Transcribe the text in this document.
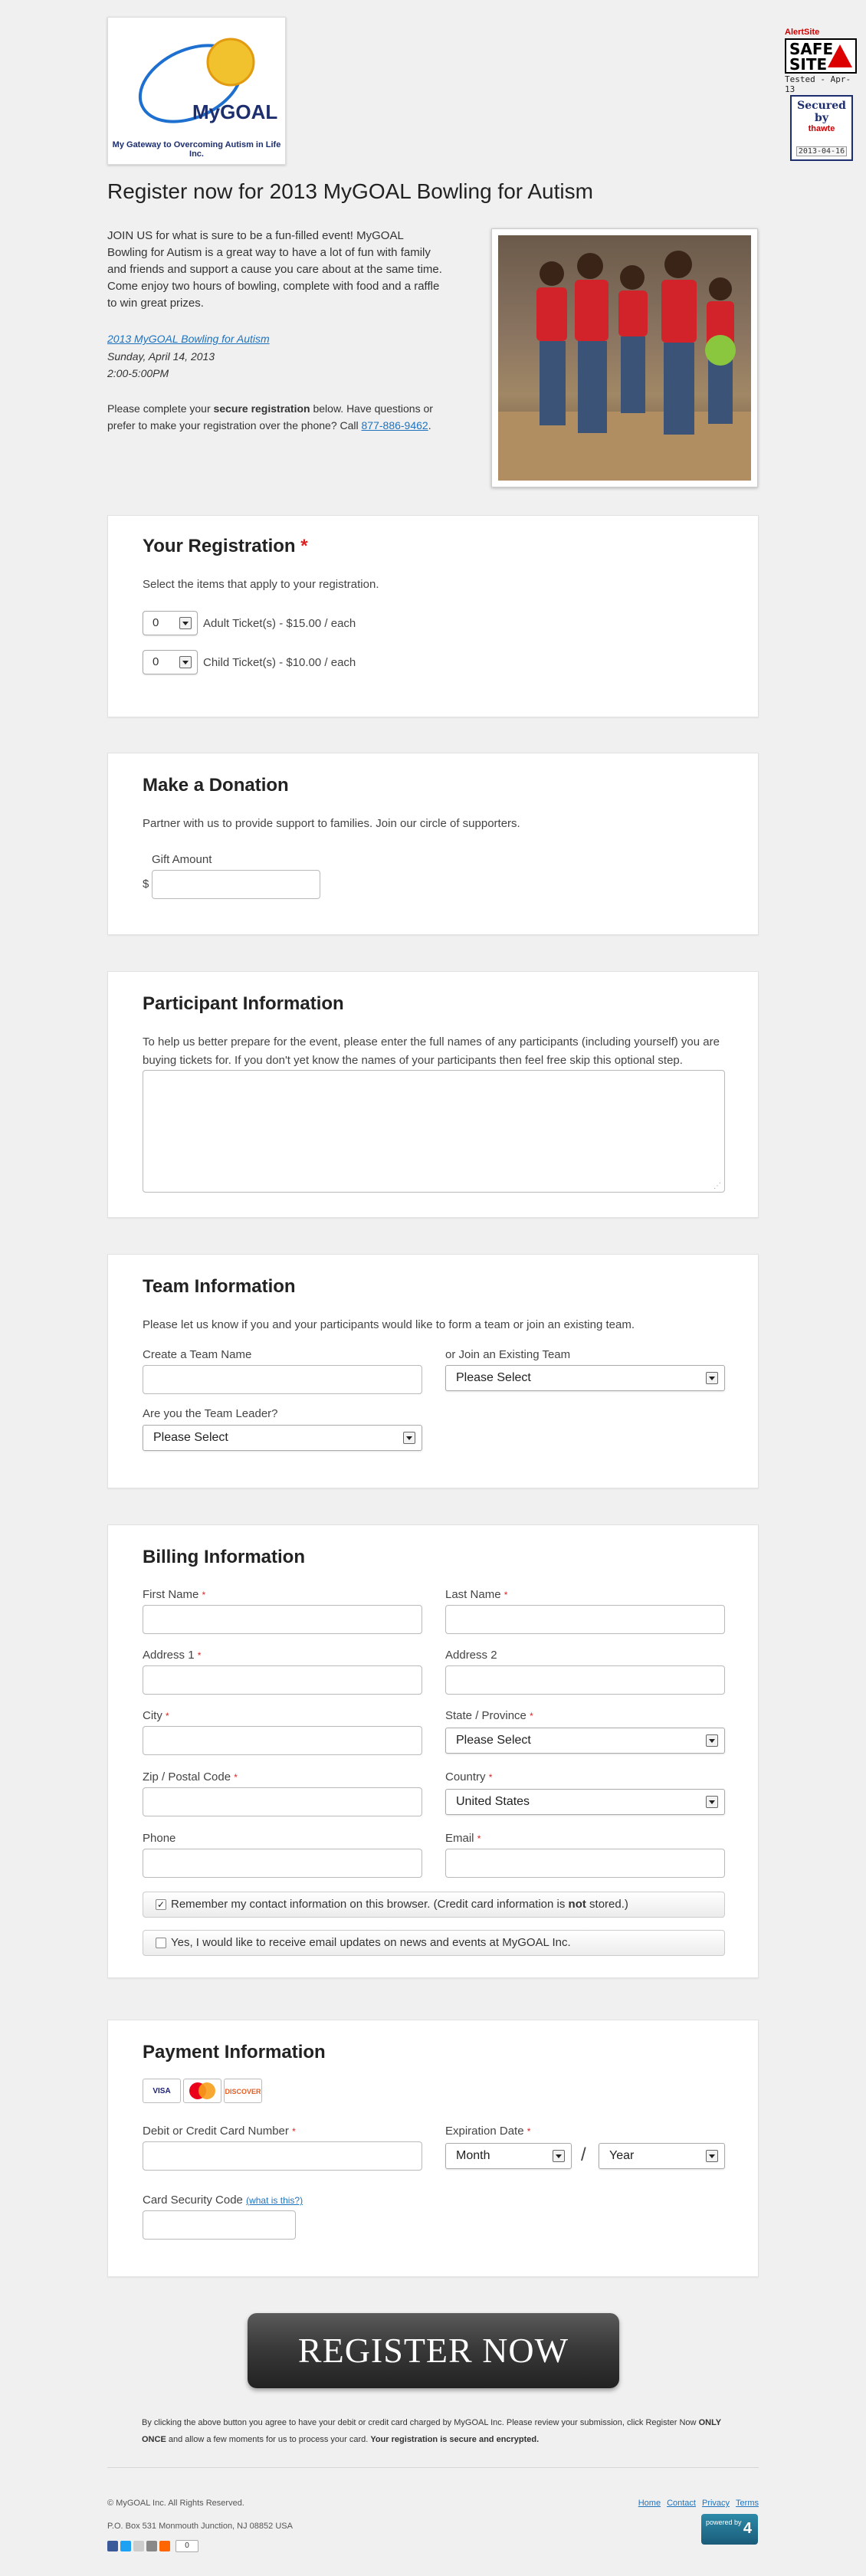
MyGOAL
My Gateway to Overcoming Autism in Life Inc.
AlertSite
SAFE SITE
Tested - Apr-13
Secured
by
thawte
2013-04-16
Register now for 2013 MyGOAL Bowling for Autism

JOIN US for what is sure to be a fun-filled event! MyGOAL Bowling for Autism is a great way to have a lot of fun with family and friends and support a cause you care about at the same time. Come enjoy two hours of bowling, complete with food and a raffle to win great prizes.

2013 MyGOAL Bowling for Autism
Sunday, April 14, 2013
2:00-5:00PM

Please complete your secure registration below. Have questions or prefer to make your registration over the phone? Call 877-886-9462.

Your Registration *
Select the items that apply to your registration.
0	Adult Ticket(s) - $15.00 / each
0	Child Ticket(s) - $10.00 / each
Make a Donation
Partner with us to provide support to families. Join our circle of supporters.
Gift Amount
$
Participant Information
To help us better prepare for the event, please enter the full names of any participants (including yourself) you are buying tickets for. If you don't yet know the names of your participants then feel free skip this optional step.
⋰
Team Information
Please let us know if you and your participants would like to form a team or join an existing team.
Create a Team Name	or Join an Existing Team
Please Select
Are you the Team Leader?
Please Select
Billing Information
First Name *	Last Name *
Address 1 *	Address 2
City *	State / Province *
Please Select
Zip / Postal Code *	Country *
United States
Phone	Email *
✓ Remember my contact information on this browser. (Credit card information is not stored.)
Yes, I would like to receive email updates on news and events at MyGOAL Inc.
Payment Information
VISA	DISCOVER
Debit or Credit Card Number *	Expiration Date *
Month	/	Year
Card Security Code (what is this?)
REGISTER NOW
By clicking the above button you agree to have your debit or credit card charged by MyGOAL Inc. Please review your submission, click Register Now ONLY ONCE and allow a few moments for us to process your card. Your registration is secure and encrypted.
© MyGOAL Inc. All Rights Reserved.	Home Contact Privacy Terms
P.O. Box 531 Monmouth Junction, NJ 08852 USA
0
powered by 4
